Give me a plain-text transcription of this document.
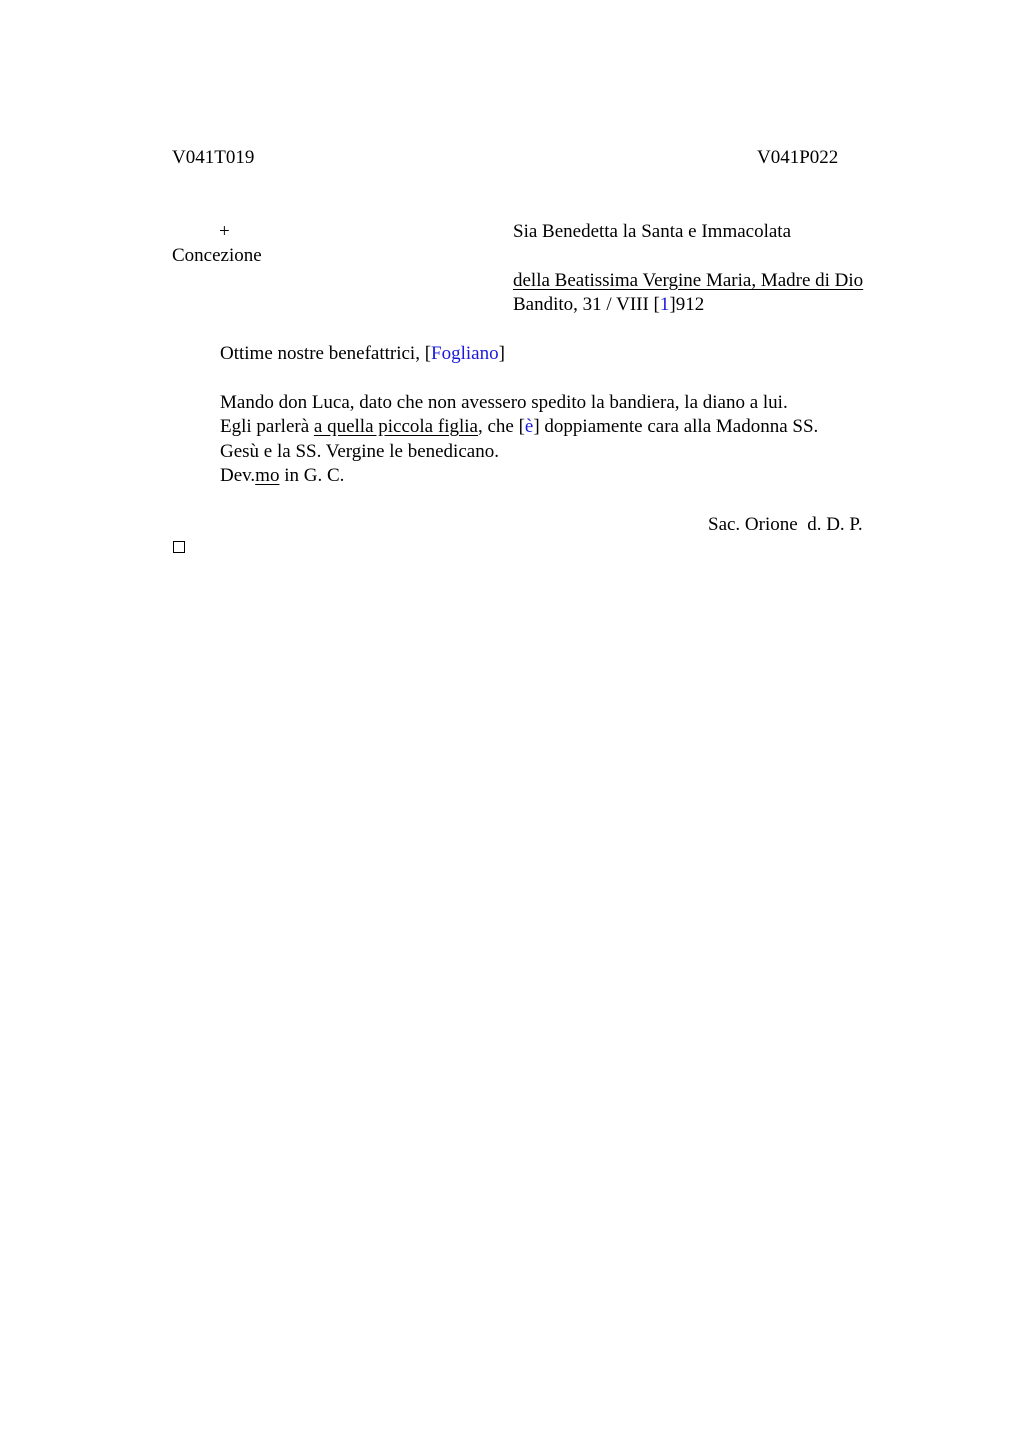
V041T019	V041P022
+	Sia Benedetta la Santa e Immacolata
Concezione
della Beatissima Vergine Maria, Madre di Dio
Bandito, 31 / VIII [1]912
Ottime nostre benefattrici, [Fogliano]
Mando don Luca, dato che non avessero spedito la bandiera, la diano a lui.
Egli parlerà a quella piccola figlia, che [è] doppiamente cara alla Madonna SS.
Gesù e la SS. Vergine le benedicano.
Dev.mo in G. C.
Sac. Orione  d. D. P.
